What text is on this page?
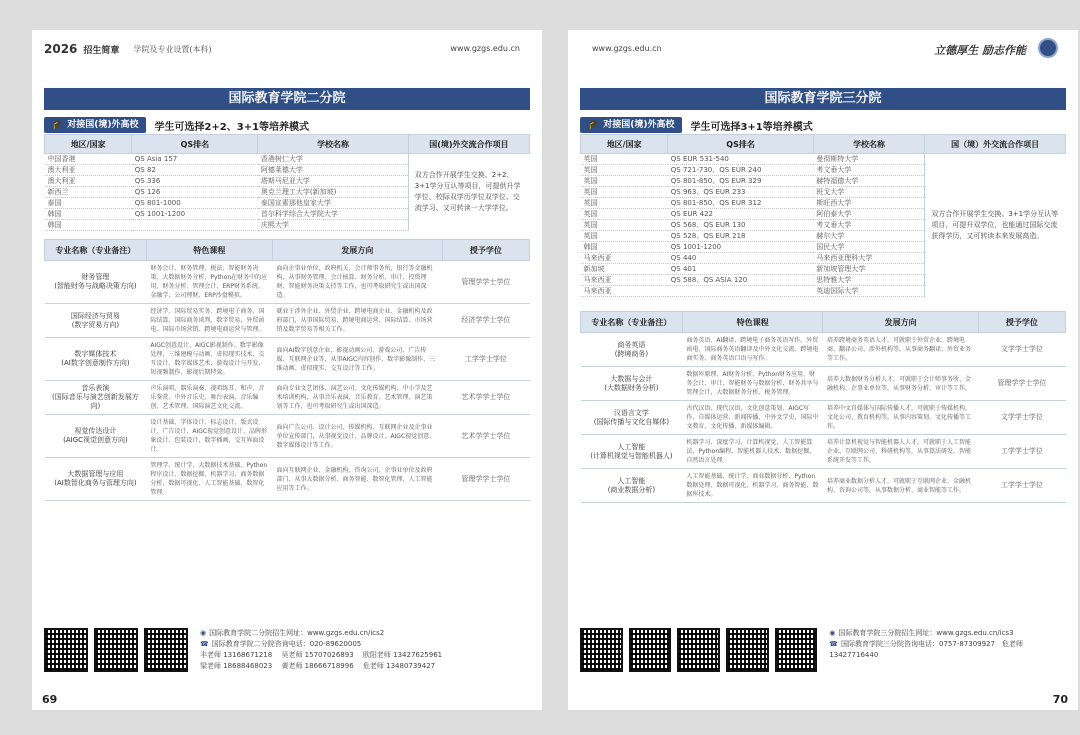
2026 招生简章 学院及专业设置(本科)	www.gzgs.edu.cn
国际教育学院二分院
🎓 对接国(境)外高校 学生可选择2+2、3+1等培养模式
地区/国家	QS排名	学校名称	国(境)外交流合作项目
中国香港	QS Asia 157	香港树仁大学	双方合作开展学生交换、2+2、3+1学分互认等项目，可提供升学学位、校际双学历学位双学位、交流学习、又可转读一大学学位。
澳大利亚	QS 82	阿德莱德大学	
澳大利亚	QS 336	塔斯马尼亚大学	
新西兰	QS 126	奥克兰理工大学(新加坡)	
泰国	QS 801-1000	泰国宣素那他皇家大学	
韩国	QS 1001-1200	首尔科学综合大学院大学	
韩国		庆熙大学	
专业名称（专业备注）	特色课程	发展方向	授予学位

财务管理
(智能财务与战略决策方向)	财务会计、财务管理、税法、智能财务决策、大数据财务分析、Python在财务中的应用、财务分析、管理会计、ERP财务系统、金融学、公司理财、ERP沙盘模拟。	面向企事业单位、政府机关、会计师事务所、银行等金融机构，从事财务管理、会计核算、财务分析、审计、投资理财、智能财务决策支持等工作，也可考取研究生或出国深造。	管理学学士学位

国际经济与贸易
(数字贸易方向)	经济学、国际贸易实务、跨境电子商务、国际结算、国际商务谈判、数字贸易、外贸函电、国际市场营销、跨境电商运营与管理。	就业于涉外企业、外贸企业、跨境电商企业、金融机构及政府部门，从事国际贸易、跨境电商运营、国际结算、市场营销及数字贸易等相关工作。	经济学学士学位

数字媒体技术
(AI数字创意制作方向)	AIGC创意设计、AIGC影视制作、数字影像处理、三维建模与动画、虚拟现实技术、交互设计、数字媒体艺术、游戏设计与开发、短视频制作、影视后期特效。	面向AI数字创意企业、影视动画公司、游戏公司、广告传媒、互联网企业等，从事AIGC内容创作、数字影像制作、三维动画、虚拟现实、交互设计等工作。	工学学士学位

音乐表演
(国际音乐与演艺创新发展方向)	声乐演唱、器乐演奏、视唱练耳、和声、音乐鉴赏、中外音乐史、舞台表演、音乐编创、艺术管理、国际演艺文化交流。	面向专业文艺团体、演艺公司、文化传媒机构、中小学及艺术培训机构，从事音乐表演、音乐教育、艺术管理、演艺策划等工作，也可考取研究生或出国深造。	艺术学学士学位

视觉传达设计
(AIGC视觉创意方向)	设计基础、字体设计、标志设计、版式设计、广告设计、AIGC视觉创意设计、品牌形象设计、包装设计、数字插画、交互界面设计。	面向广告公司、设计公司、传媒机构、互联网企业及企事业单位宣传部门，从事视觉设计、品牌设计、AIGC视觉创意、数字媒体设计等工作。	艺术学学士学位

大数据管理与应用
(AI数智化商务与管理方向)	管理学、统计学、大数据技术基础、Python程序设计、数据挖掘、机器学习、商务数据分析、数据可视化、人工智能基础、数智化管理。	面向互联网企业、金融机构、咨询公司、企事业单位及政府部门，从事大数据分析、商务智能、数智化管理、人工智能应用等工作。	管理学学士学位
◉ 国际教育学院二分院招生网址：www.gzgs.edu.cn/ics2
☎ 国际教育学院二分院咨询电话：020-89620005
丰老师 13168671218　 吴老师 15707026893　 欧阳老师 13427625961
梁老师 18688468023　 黄老师 18666718996　 危老师 13480739427
69
www.gzgs.edu.cn	立德厚生 励志作能
国际教育学院三分院
🎓 对接国(境)外高校 学生可选择3+1等培养模式
地区/国家	QS排名	学校名称	国（境）外交流合作项目
英国	QS EUR 531-540	曼彻斯特大学	双方合作开展学生交换、3+1学分互认等项目，可提升双学位，也能通过国际交流获得学历，又可转读本来发展高造。
英国	QS 721-730、QS EUR 240	考文垂大学	
英国	QS 801-850、QS EUR 329	赫特福德大学	
英国	QS 963、QS EUR 233	班戈大学	
英国	QS 801-850、QS EUR 312	斯旺西大学	
英国	QS EUR 422	阿伯泰大学	
英国	QS 568、QS EUR 130	考文垂大学	
英国	QS 528、QS EUR 218	赫尔大学	
韩国	QS 1001-1200	国民大学	
马来西亚	QS 440	马来西亚理科大学	
新加坡	QS 401	新加坡管理大学	
马来西亚	QS 588、QS ASIA 120	思特雅大学	
马来西亚		英迪国际大学	
专业名称（专业备注）	特色课程	发展方向	授予学位

商务英语
(跨境商务)	商务英语、AI翻译、跨境电子商务英语写作、外贸函电、国际商务英语翻译及中外文化交流、跨境电商实务、商务英语口语与写作。	培养跨境商务英语人才，可就职于外贸企业、跨境电商、翻译公司、涉外机构等，从事商务翻译、外贸业务等工作。	文学学士学位

大数据与会计
(大数据财务分析)	数据库原理、AI财务分析、Python财务应用、财务会计、审计、智能财务与数据分析、财务共享与管理会计、大数据财务分析、税务管理。	培养大数据财务分析人才，可就职于会计师事务所、金融机构、企事业单位等，从事财务分析、审计等工作。	管理学学士学位

汉语言文学
(国际传播与文化自媒体)	古代汉语、现代汉语、文化创意策划、AIGC写作、自媒体运营、新闻传播、中外文学史、国际中文教育、文化传播、新媒体编辑。	培养中文自媒体与国际传播人才，可就职于传媒机构、文化公司、教育机构等，从事内容策划、文化传播等工作。	文学学士学位

人工智能
(计算机视觉与智能机器人)	机器学习、深度学习、计算机视觉、人工智能算法、Python编程、智能机器人技术、数据挖掘、自然语言处理。	培养计算机视觉与智能机器人人才，可就职于人工智能企业、互联网公司、科研机构等，从事算法研发、智能系统开发等工作。	工学学士学位

人工智能
(商业数据分析)	人工智能基础、统计学、商业数据分析、Python数据处理、数据可视化、机器学习、商务智能、数据库技术。	培养商业数据分析人才，可就职于互联网企业、金融机构、咨询公司等，从事数据分析、商业智能等工作。	工学学士学位
◉ 国际教育学院三分院招生网址：www.gzgs.edu.cn/ics3
☎ 国际教育学院三分院咨询电话：0757-87309927　危老师 13427716440
70
